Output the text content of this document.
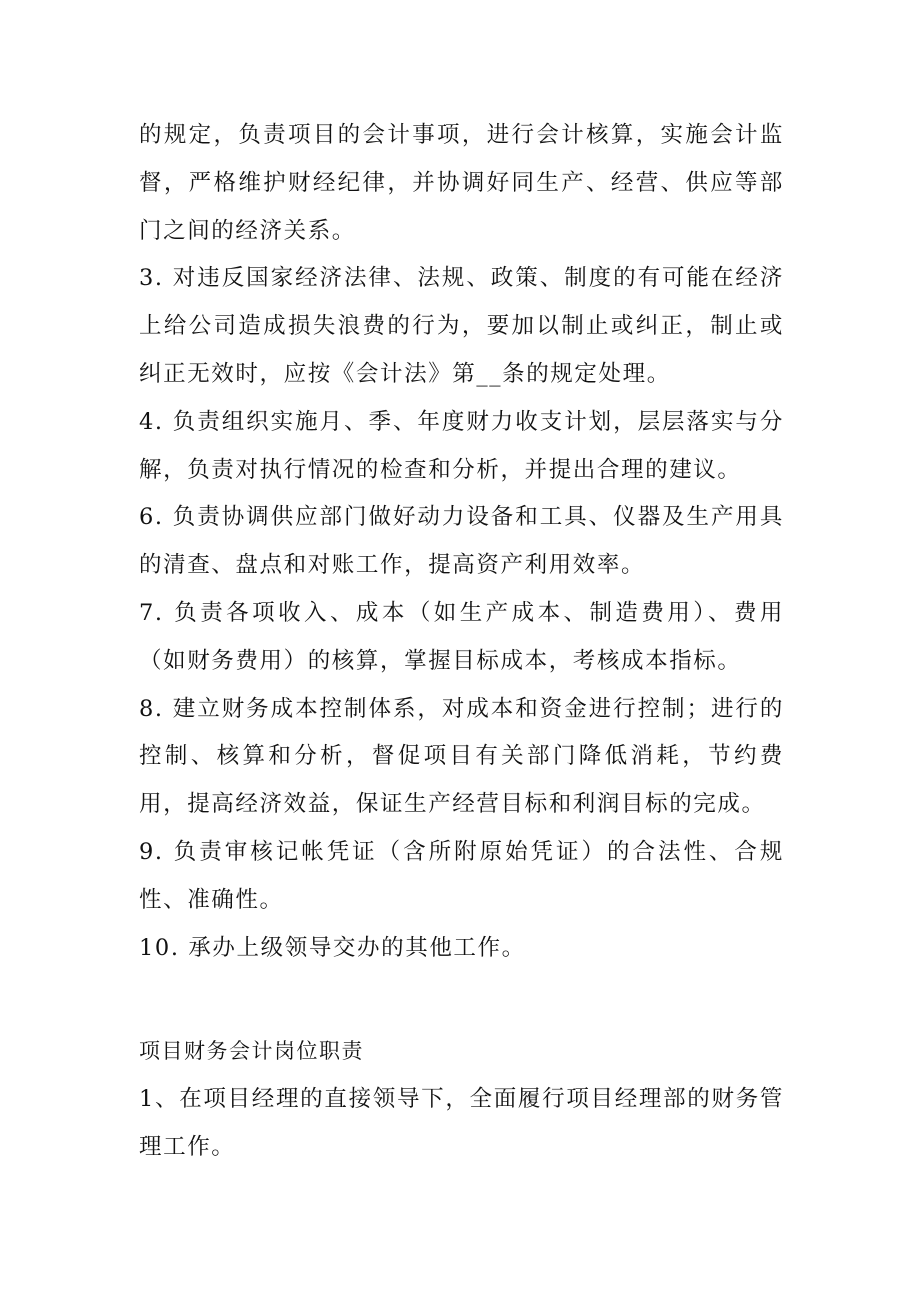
的规定，负责项目的会计事项，进行会计核算，实施会计监督，严格维护财经纪律，并协调好同生产、经营、供应等部门之间的经济关系。

3. 对违反国家经济法律、法规、政策、制度的有可能在经济上给公司造成损失浪费的行为，要加以制止或纠正，制止或纠正无效时，应按《会计法》第__条的规定处理。

4. 负责组织实施月、季、年度财力收支计划，层层落实与分解，负责对执行情况的检查和分析，并提出合理的建议。

6. 负责协调供应部门做好动力设备和工具、仪器及生产用具的清查、盘点和对账工作，提高资产利用效率。

7. 负责各项收入、成本（如生产成本、制造费用）、费用（如财务费用）的核算，掌握目标成本，考核成本指标。

8. 建立财务成本控制体系，对成本和资金进行控制；进行的控制、核算和分析，督促项目有关部门降低消耗，节约费用，提高经济效益，保证生产经营目标和利润目标的完成。

9. 负责审核记帐凭证（含所附原始凭证）的合法性、合规性、准确性。

10. 承办上级领导交办的其他工作。

项目财务会计岗位职责

1、在项目经理的直接领导下，全面履行项目经理部的财务管理工作。
